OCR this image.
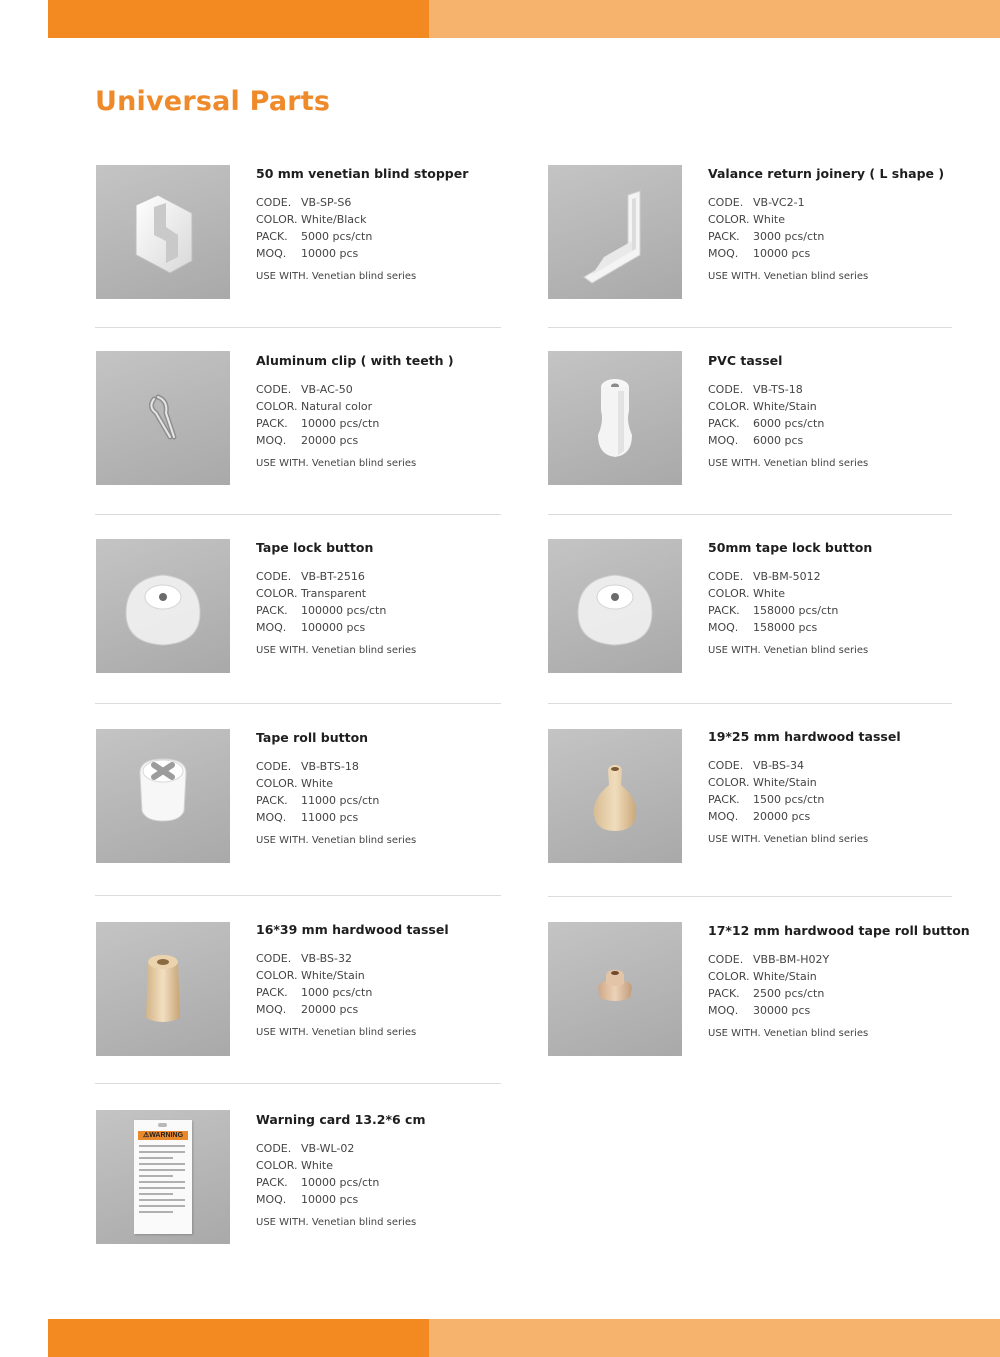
Universal Parts
50 mm venetian blind stopper
CODE. VB-SP-S6
COLOR. White/Black
PACK. 5000 pcs/ctn
MOQ. 10000 pcs
USE WITH. Venetian blind series
Valance return joinery ( L shape )
CODE. VB-VC2-1
COLOR. White
PACK. 3000 pcs/ctn
MOQ. 10000 pcs
USE WITH. Venetian blind series
Aluminum clip ( with teeth )
CODE. VB-AC-50
COLOR. Natural color
PACK. 10000 pcs/ctn
MOQ. 20000 pcs
USE WITH. Venetian blind series
PVC tassel
CODE. VB-TS-18
COLOR. White/Stain
PACK. 6000 pcs/ctn
MOQ. 6000 pcs
USE WITH. Venetian blind series
Tape lock button
CODE. VB-BT-2516
COLOR. Transparent
PACK. 100000 pcs/ctn
MOQ. 100000 pcs
USE WITH. Venetian blind series
50mm tape lock button
CODE. VB-BM-5012
COLOR. White
PACK. 158000 pcs/ctn
MOQ. 158000 pcs
USE WITH. Venetian blind series
Tape roll button
CODE. VB-BTS-18
COLOR. White
PACK. 11000 pcs/ctn
MOQ. 11000 pcs
USE WITH. Venetian blind series
19*25 mm hardwood tassel
CODE. VB-BS-34
COLOR. White/Stain
PACK. 1500 pcs/ctn
MOQ. 20000 pcs
USE WITH. Venetian blind series
16*39 mm hardwood tassel
CODE. VB-BS-32
COLOR. White/Stain
PACK. 1000 pcs/ctn
MOQ. 20000 pcs
USE WITH. Venetian blind series
17*12 mm hardwood tape roll button
CODE. VBB-BM-H02Y
COLOR. White/Stain
PACK. 2500 pcs/ctn
MOQ. 30000 pcs
USE WITH. Venetian blind series
⚠WARNING
Warning card 13.2*6 cm
CODE. VB-WL-02
COLOR. White
PACK. 10000 pcs/ctn
MOQ. 10000 pcs
USE WITH. Venetian blind series
